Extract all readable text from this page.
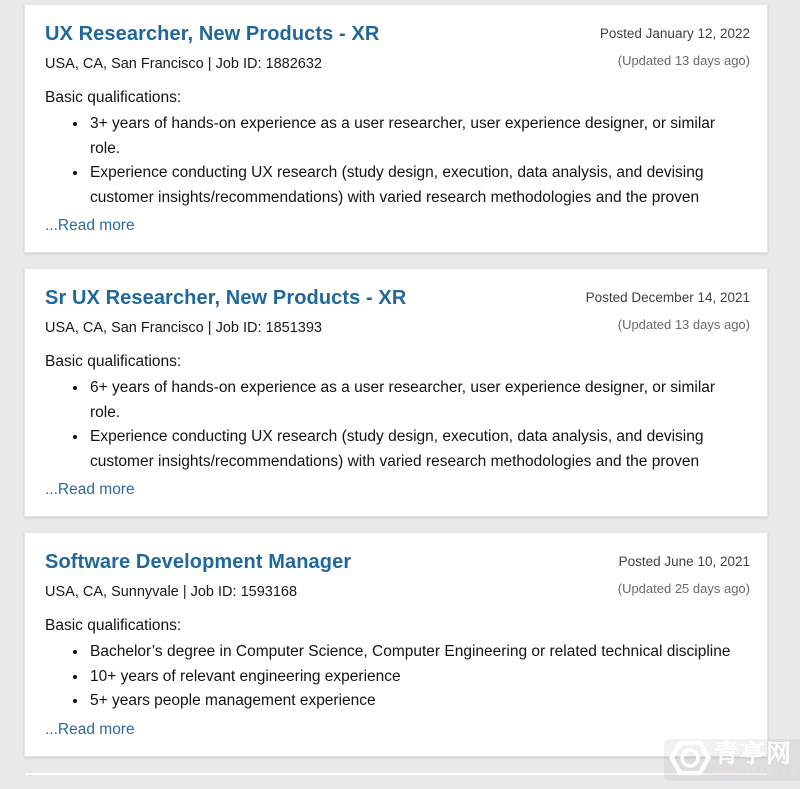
UX Researcher, New Products - XR
USA, CA, San Francisco | Job ID: 1882632
Posted January 12, 2022
(Updated 13 days ago)
Basic qualifications:
• 3+ years of hands-on experience as a user researcher, user experience designer, or similar role.
• Experience conducting UX research (study design, execution, data analysis, and devising customer insights/recommendations) with varied research methodologies and the proven
...Read more
Sr UX Researcher, New Products - XR
USA, CA, San Francisco | Job ID: 1851393
Posted December 14, 2021
(Updated 13 days ago)
Basic qualifications:
• 6+ years of hands-on experience as a user researcher, user experience designer, or similar role.
• Experience conducting UX research (study design, execution, data analysis, and devising customer insights/recommendations) with varied research methodologies and the proven
...Read more
Software Development Manager
USA, CA, Sunnyvale | Job ID: 1593168
Posted June 10, 2021
(Updated 25 days ago)
Basic qualifications:
• Bachelor’s degree in Computer Science, Computer Engineering or related technical discipline
• 10+ years of relevant engineering experience
• 5+ years people management experience
...Read more
青亭网
www.7tin.cn
